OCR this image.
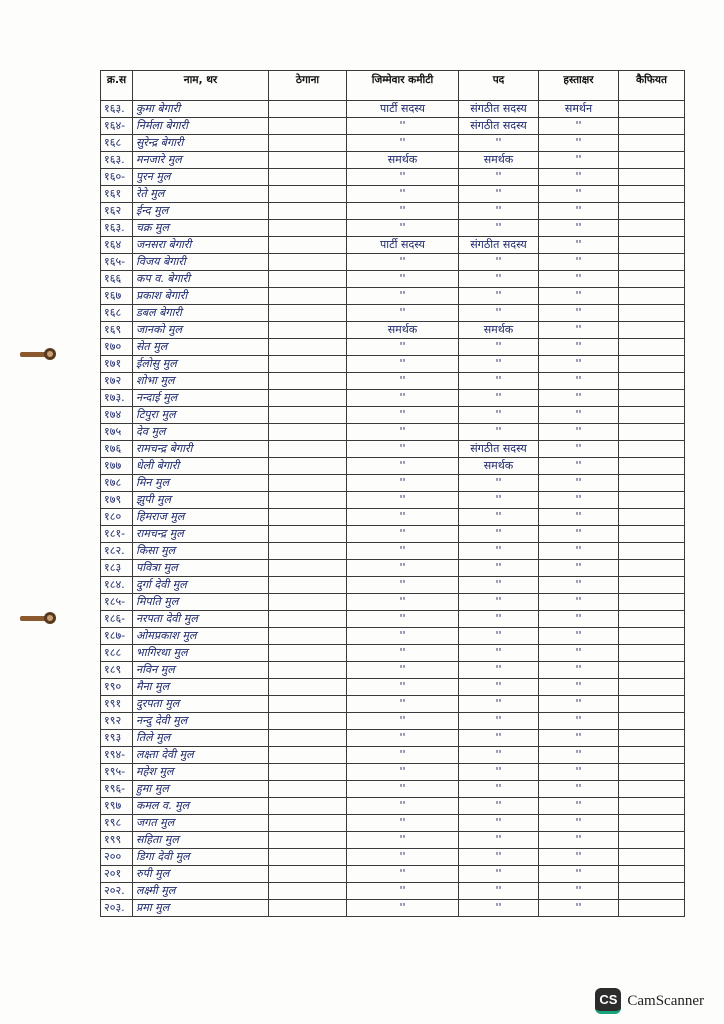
क्र.स	नाम, थर	ठेगाना	जिम्मेवार कमीटी	पद	हस्ताक्षर	कैफियत
१६३.	कुमा बेगारी		पार्टी सदस्य	संगठीत सदस्य	समर्थन	
१६४-	निर्मला बेगारी		''	संगठीत सदस्य	''	
१६८	सुरेन्द्र बेगारी		''	''	''	
१६३.	मनजारे मुल		समर्थक	समर्थक	''	
१६०-	पुरन मुल		''	''	''	
१६१	रेते मुल		''	''	''	
१६२	ईन्द मुल		''	''	''	
१६३.	चक्र मुल		''	''	''	
१६४	जनसरा बेगारी		पार्टी सदस्य	संगठीत सदस्य	''	
१६५-	विजय बेगारी		''	''	''	
१६६	कप व. बेगारी		''	''	''	
१६७	प्रकाश बेगारी		''	''	''	
१६८	डबल बेगारी		''	''	''	
१६९	जानको मुल		समर्थक	समर्थक	''	
१७०	सेत मुल		''	''	''	
१७१	ईलोसु मुल		''	''	''	
१७२	शोभा मुल		''	''	''	
१७३.	नन्दाई मुल		''	''	''	
१७४	टिपुरा मुल		''	''	''	
१७५	देव मुल		''	''	''	
१७६	रामचन्द्र बेगारी		''	संगठीत सदस्य	''	
१७७	धेली बेगारी		''	समर्थक	''	
१७८	मिन मुल		''	''	''	
१७९	झुपी मुल		''	''	''	
१८०	हिमराज मुल		''	''	''	
१८१-	रामचन्द्र मुल		''	''	''	
१८२.	किसा मुल		''	''	''	
१८३	पवित्रा मुल		''	''	''	
१८४.	दुर्गा देवी मुल		''	''	''	
१८५-	मिपति मुल		''	''	''	
१८६-	नरपता देवी मुल		''	''	''	
१८७-	ओमप्रकाश मुल		''	''	''	
१८८	भागिरथा मुल		''	''	''	
१८९	नविन मुल		''	''	''	
१९०	मैना मुल		''	''	''	
१९१	दुरपता मुल		''	''	''	
१९२	नन्दु देवी मुल		''	''	''	
१९३	तिले मुल		''	''	''	
१९४-	लक्ष्ता देवी मुल		''	''	''	
१९५-	महेश मुल		''	''	''	
१९६-	हुमा मुल		''	''	''	
१९७	कमल व. मुल		''	''	''	
१९८	जगत मुल		''	''	''	
१९९	सहिता मुल		''	''	''	
२००	डिगा देवी मुल		''	''	''	
२०१	रुपी मुल		''	''	''	
२०२.	लक्ष्मी मुल		''	''	''	
२०३.	प्रमा मुल		''	''	''	
CS CamScanner
